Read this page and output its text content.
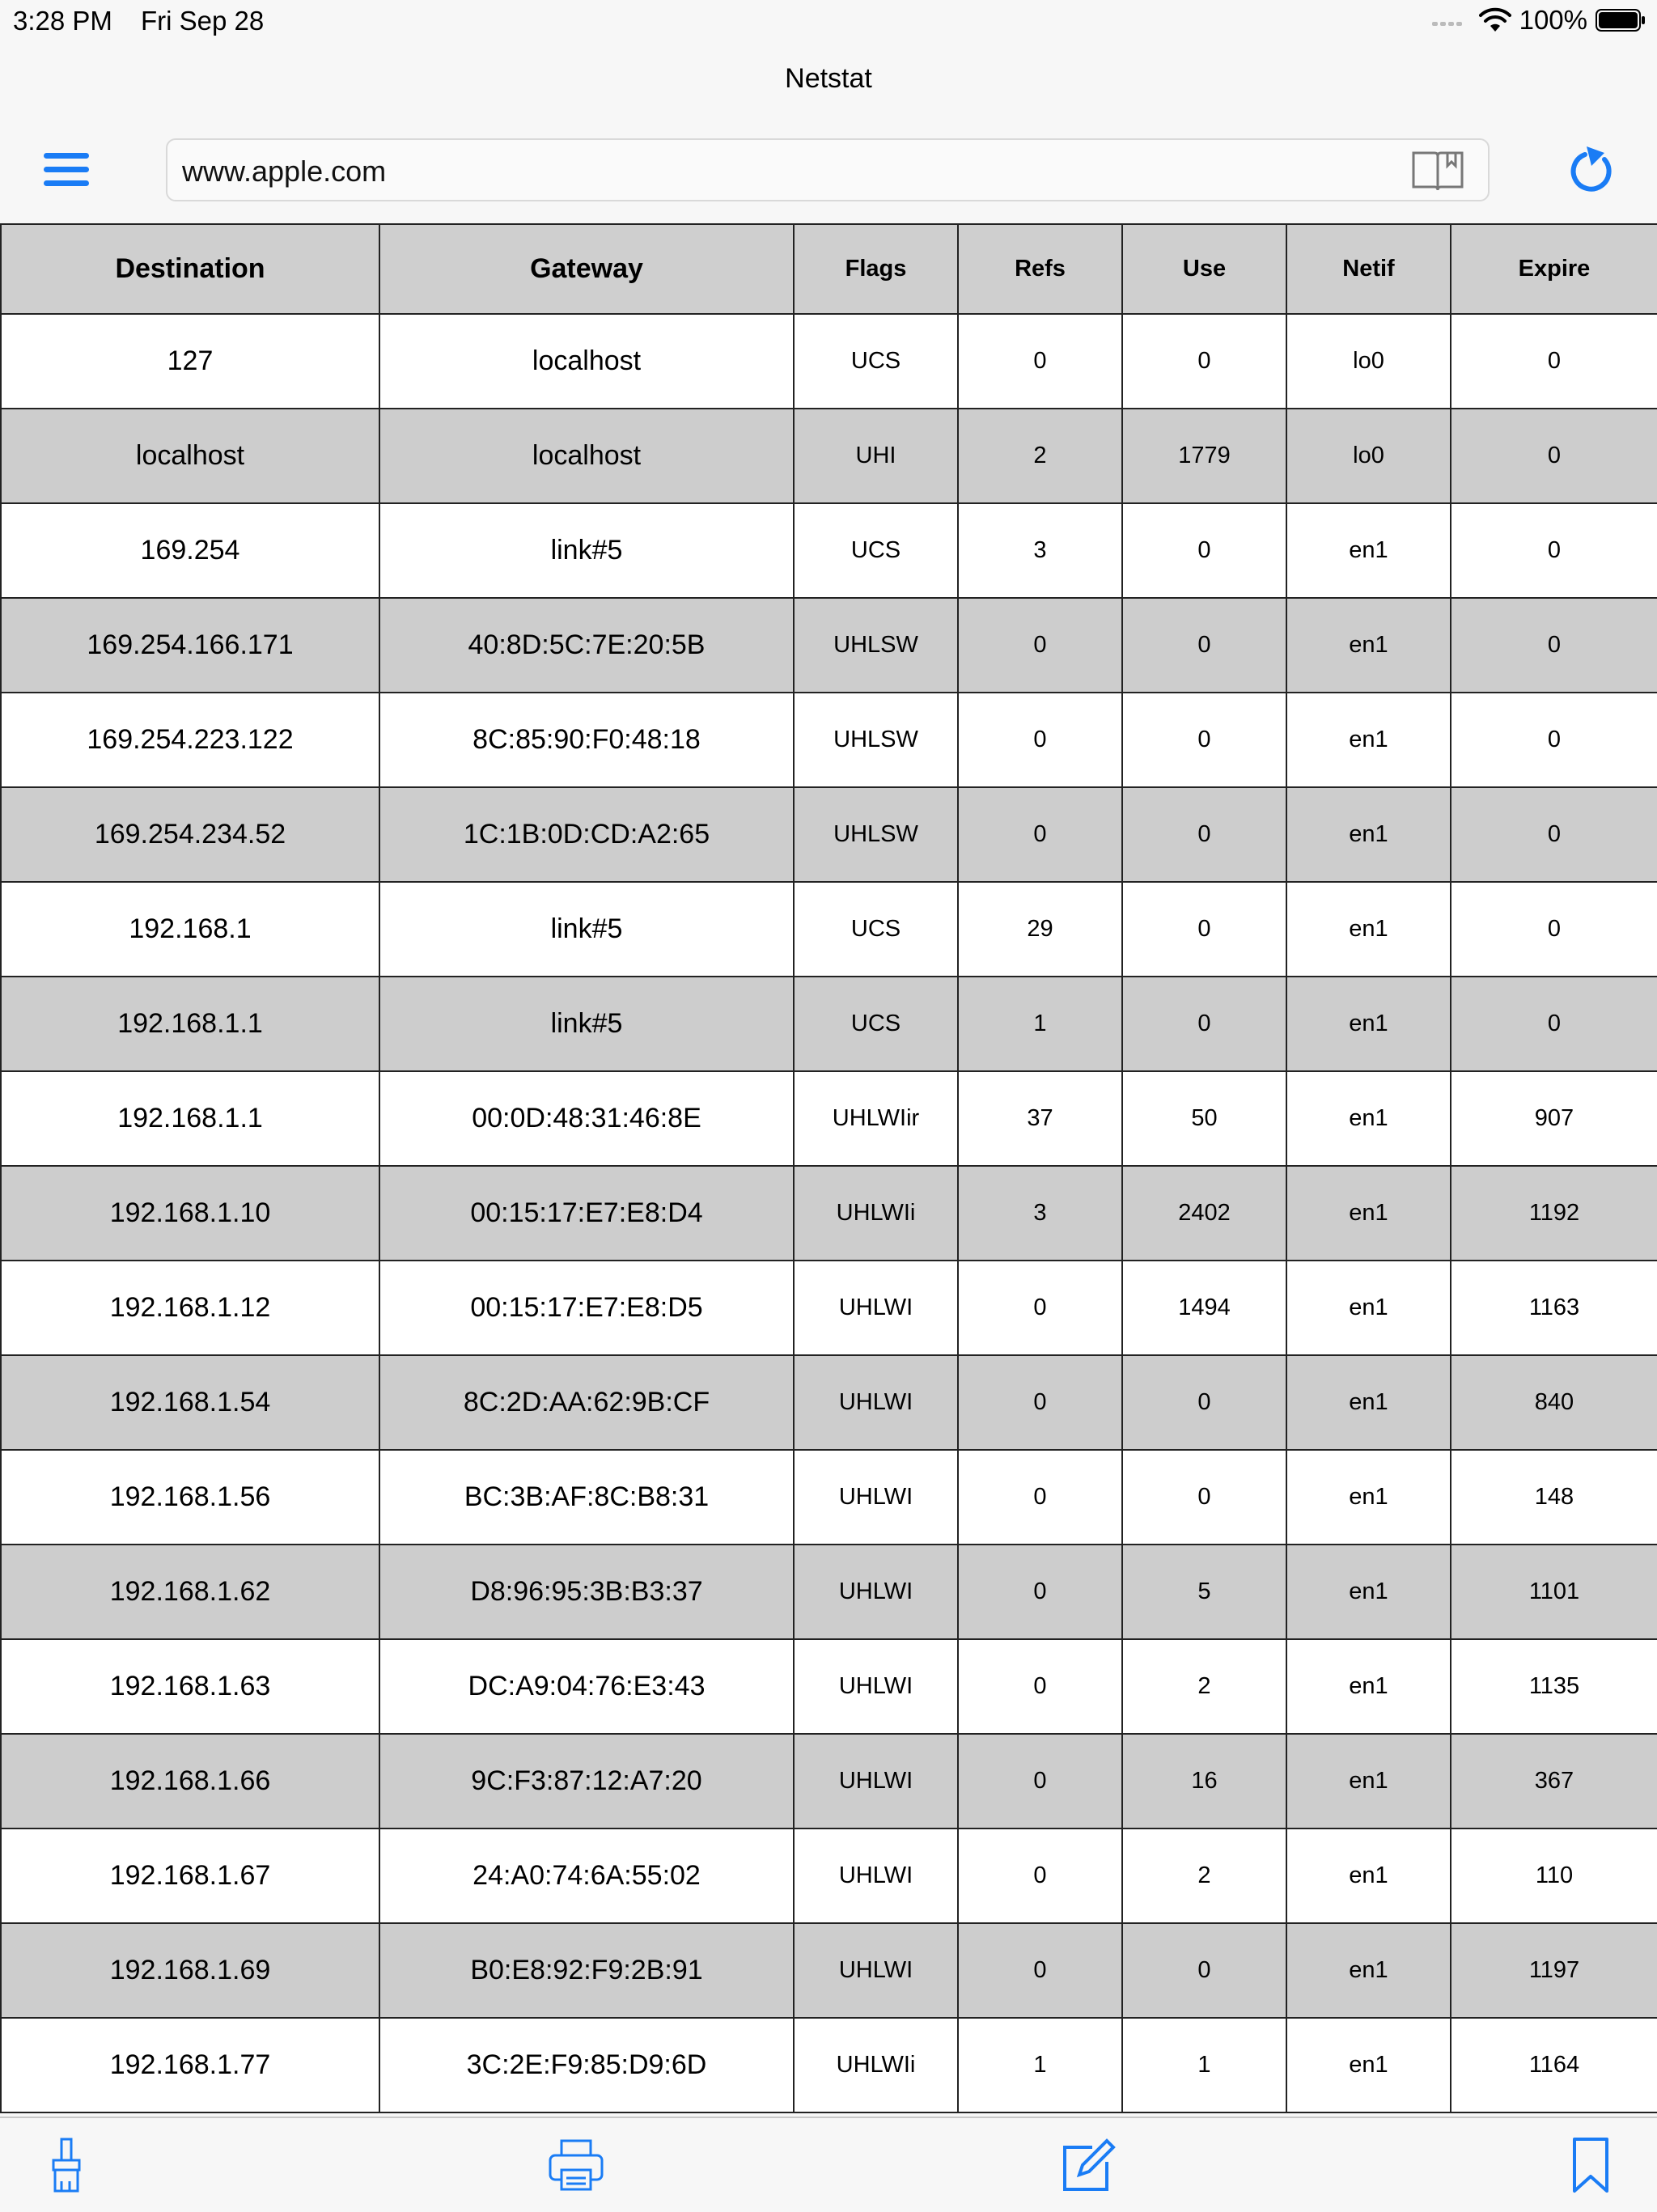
3:28 PM Fri Sep 28	100%
Netstat
www.apple.com
Destination	Gateway	Flags	Refs	Use	Netif	Expire
127	localhost	UCS	0	0	lo0	0
localhost	localhost	UHI	2	1779	lo0	0
169.254	link#5	UCS	3	0	en1	0
169.254.166.171	40:8D:5C:7E:20:5B	UHLSW	0	0	en1	0
169.254.223.122	8C:85:90:F0:48:18	UHLSW	0	0	en1	0
169.254.234.52	1C:1B:0D:CD:A2:65	UHLSW	0	0	en1	0
192.168.1	link#5	UCS	29	0	en1	0
192.168.1.1	link#5	UCS	1	0	en1	0
192.168.1.1	00:0D:48:31:46:8E	UHLWIir	37	50	en1	907
192.168.1.10	00:15:17:E7:E8:D4	UHLWIi	3	2402	en1	1192
192.168.1.12	00:15:17:E7:E8:D5	UHLWI	0	1494	en1	1163
192.168.1.54	8C:2D:AA:62:9B:CF	UHLWI	0	0	en1	840
192.168.1.56	BC:3B:AF:8C:B8:31	UHLWI	0	0	en1	148
192.168.1.62	D8:96:95:3B:B3:37	UHLWI	0	5	en1	1101
192.168.1.63	DC:A9:04:76:E3:43	UHLWI	0	2	en1	1135
192.168.1.66	9C:F3:87:12:A7:20	UHLWI	0	16	en1	367
192.168.1.67	24:A0:74:6A:55:02	UHLWI	0	2	en1	110
192.168.1.69	B0:E8:92:F9:2B:91	UHLWI	0	0	en1	1197
192.168.1.77	3C:2E:F9:85:D9:6D	UHLWIi	1	1	en1	1164
